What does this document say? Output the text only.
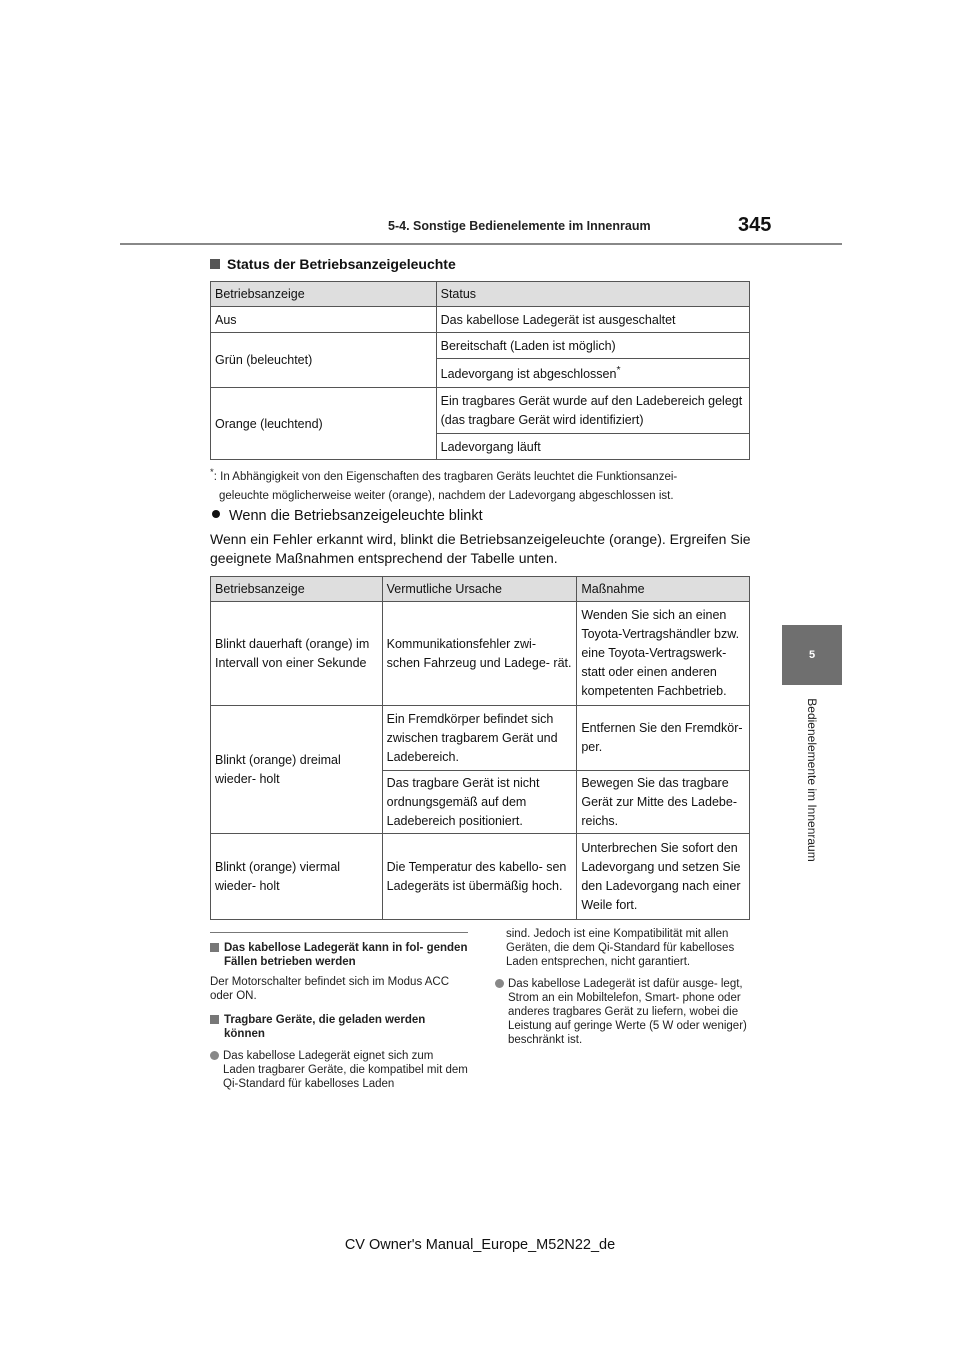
5-4. Sonstige Bedienelemente im Innenraum	345
5
Bedienelemente im Innenraum
Status der Betriebsanzeigeleuchte
Betriebsanzeige	Status
Aus	Das kabellose Ladegerät ist ausgeschaltet
Grün (beleuchtet)	Bereitschaft (Laden ist möglich)
	Ladevorgang ist abgeschlossen*
Orange (leuchtend)	Ein tragbares Gerät wurde auf den Ladebereich gelegt (das tragbare Gerät wird identifiziert)
	Ladevorgang läuft
*: In Abhängigkeit von den Eigenschaften des tragbaren Geräts leuchtet die Funktionsanzei-
geleuchte möglicherweise weiter (orange), nachdem der Ladevorgang abgeschlossen ist.
Wenn die Betriebsanzeigeleuchte blinkt
Wenn ein Fehler erkannt wird, blinkt die Betriebsanzeigeleuchte (orange). Ergreifen Sie geeignete Maßnahmen entsprechend der Tabelle unten.
Betriebsanzeige	Vermutliche Ursache	Maßnahme
Blinkt dauerhaft (orange) im Intervall von einer Sekunde	Kommunikationsfehler zwi- schen Fahrzeug und Ladege- rät.	Wenden Sie sich an einen Toyota-Vertragshändler bzw. eine Toyota-Vertragswerk- statt oder einen anderen kompetenten Fachbetrieb.
Blinkt (orange) dreimal wieder- holt	Ein Fremdkörper befindet sich zwischen tragbarem Gerät und Ladebereich.	Entfernen Sie den Fremdkör- per.
	Das tragbare Gerät ist nicht ordnungsgemäß auf dem Ladebereich positioniert.	Bewegen Sie das tragbare Gerät zur Mitte des Ladebe- reichs.
Blinkt (orange) viermal wieder- holt	Die Temperatur des kabello- sen Ladegeräts ist übermäßig hoch.	Unterbrechen Sie sofort den Ladevorgang und setzen Sie den Ladevorgang nach einer Weile fort.
Das kabellose Ladegerät kann in fol- genden Fällen betrieben werden
Der Motorschalter befindet sich im Modus ACC oder ON.
Tragbare Geräte, die geladen werden können
Das kabellose Ladegerät eignet sich zum Laden tragbarer Geräte, die kompatibel mit dem Qi-Standard für kabelloses Laden
sind. Jedoch ist eine Kompatibilität mit allen Geräten, die dem Qi-Standard für kabelloses Laden entsprechen, nicht garantiert.
Das kabellose Ladegerät ist dafür ausge- legt, Strom an ein Mobiltelefon, Smart- phone oder anderes tragbares Gerät zu liefern, wobei die Leistung auf geringe Werte (5 W oder weniger) beschränkt ist.
CV Owner's Manual_Europe_M52N22_de
